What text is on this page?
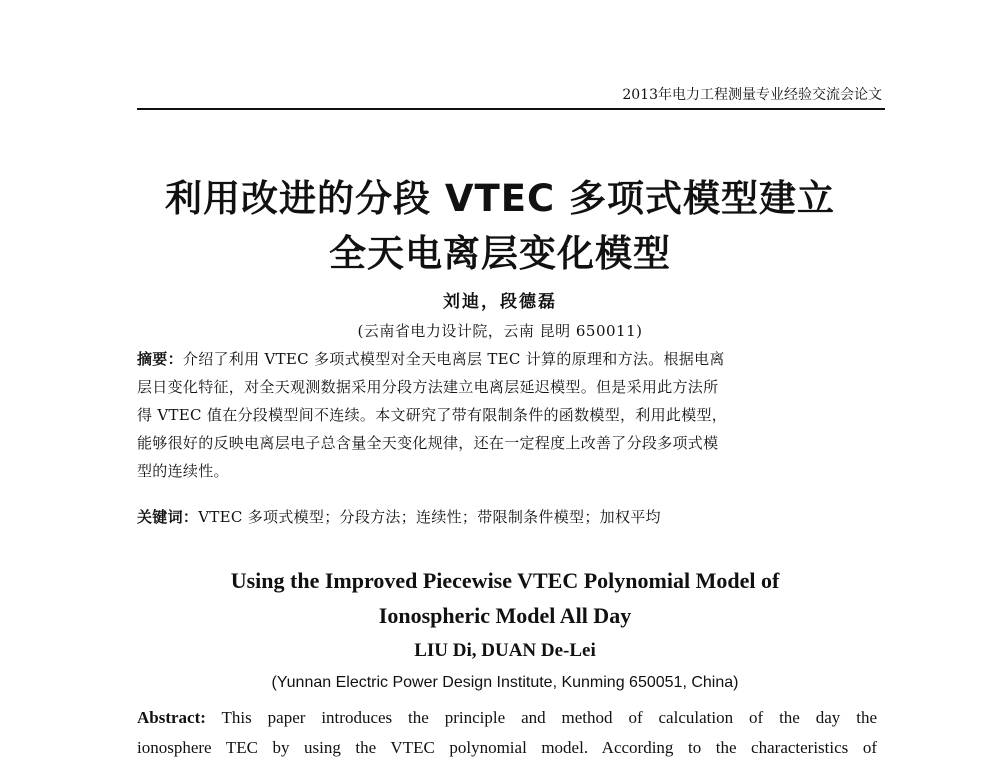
2013年电力工程测量专业经验交流会论文
利用改进的分段 VTEC 多项式模型建立
全天电离层变化模型
刘迪，段德磊
(云南省电力设计院，云南 昆明 650011)
摘要：介绍了利用 VTEC 多项式模型对全天电离层 TEC 计算的原理和方法。根据电离
层日变化特征，对全天观测数据采用分段方法建立电离层延迟模型。但是采用此方法所
得 VTEC 值在分段模型间不连续。本文研究了带有限制条件的函数模型，利用此模型，
能够很好的反映电离层电子总含量全天变化规律，还在一定程度上改善了分段多项式模
型的连续性。
关键词：VTEC 多项式模型；分段方法；连续性；带限制条件模型；加权平均
Using the Improved Piecewise VTEC Polynomial Model of
Ionospheric Model All Day
LIU Di, DUAN De-Lei
(Yunnan Electric Power Design Institute, Kunming 650051, China)
Abstract: This paper introduces the principle and method of calculation of the day the
ionosphere TEC by using the VTEC polynomial model. According to the characteristics of
